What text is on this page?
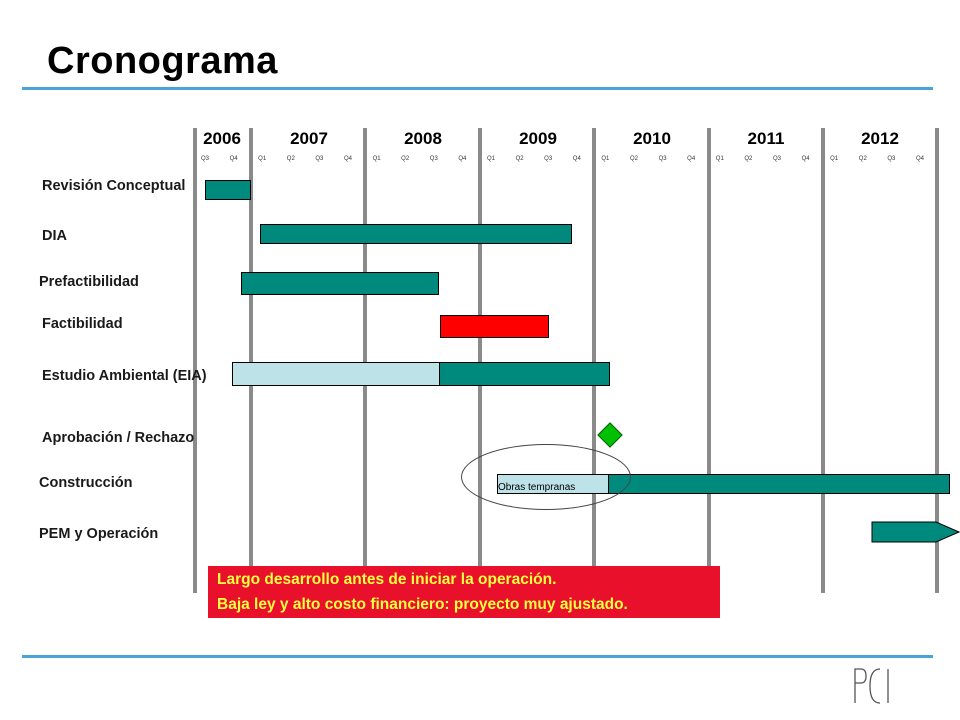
Cronograma
2006	2007	2008	2009	2010	2011	2012
Q3	Q4	Q1	Q2	Q3	Q4	Q1	Q2	Q3	Q4	Q1	Q2	Q3	Q4	Q1	Q2	Q3	Q4	Q1	Q2	Q3	Q4	Q1	Q2	Q3	Q4
Revisión Conceptual
DIA
Prefactibilidad
Factibilidad
Estudio Ambiental (EIA)
Aprobación / Rechazo
Construcción
PEM y Operación
Obras tempranas
Largo desarrollo antes de iniciar la operación.
Baja ley y alto costo financiero: proyecto muy ajustado.
